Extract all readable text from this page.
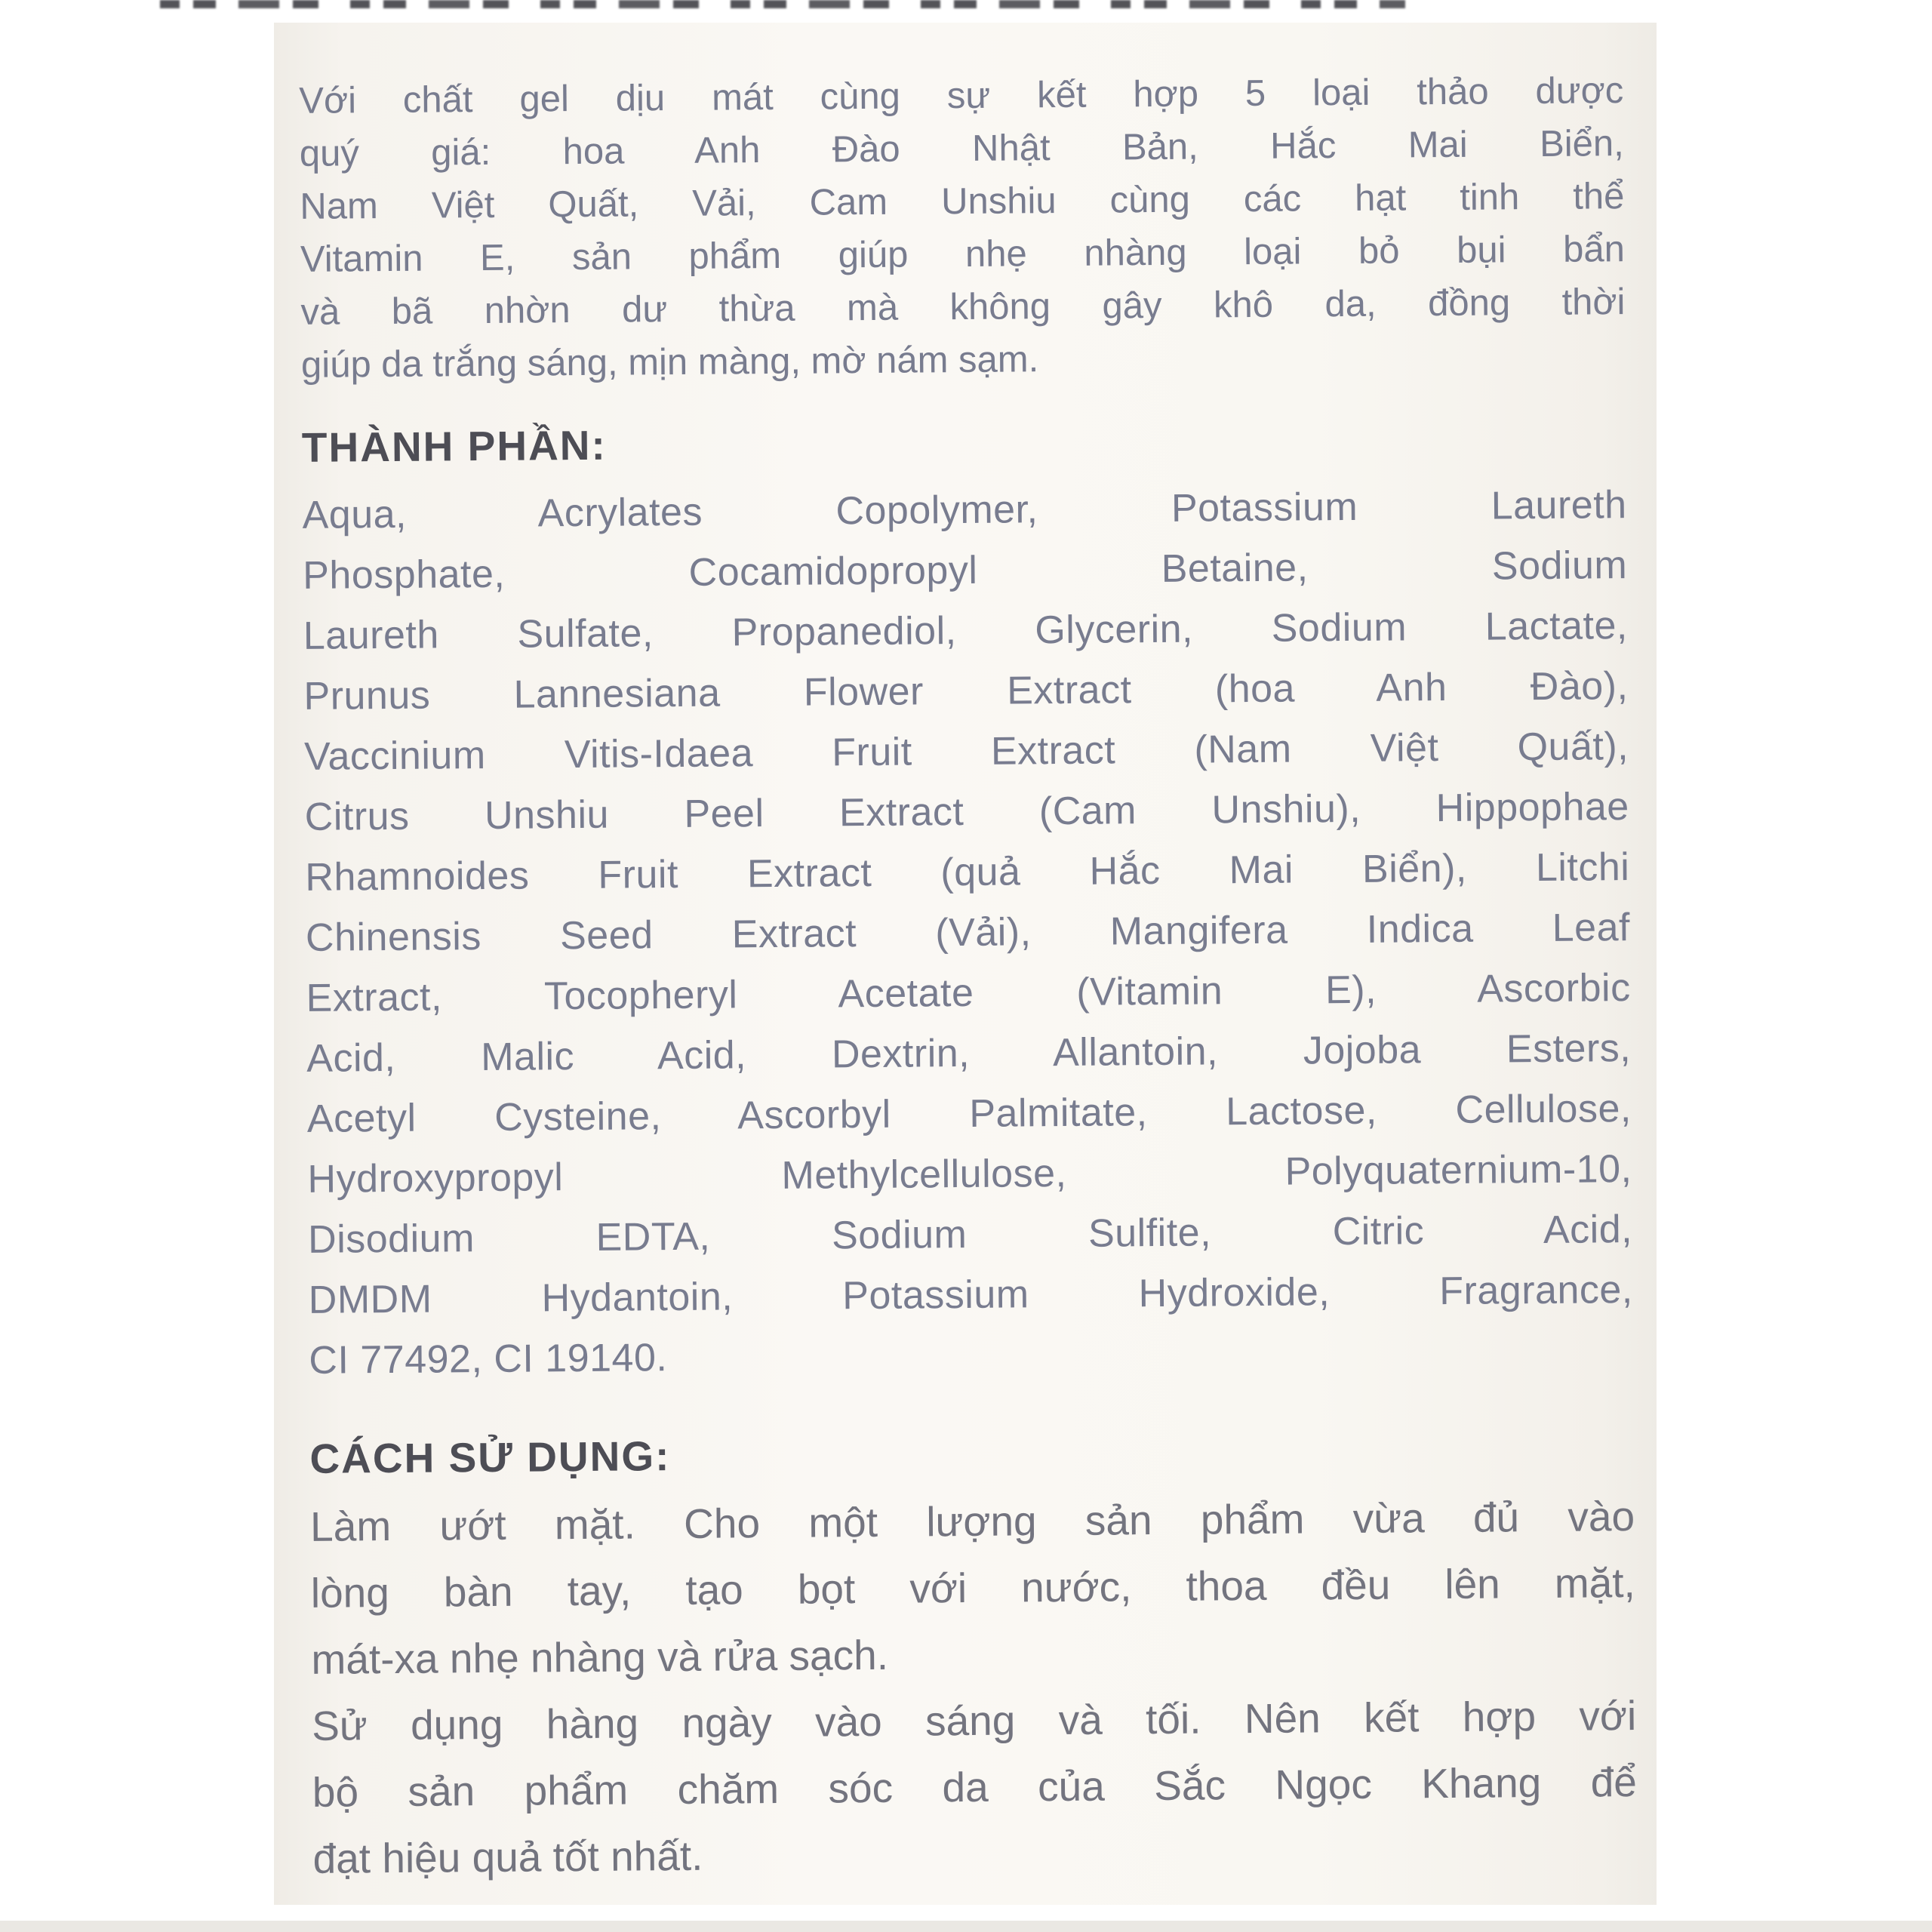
Với chất gel dịu mát cùng sự kết hợp 5 loại thảo dược
quý giá: hoa Anh Đào Nhật Bản, Hắc Mai Biển,
Nam Việt Quất, Vải, Cam Unshiu cùng các hạt tinh thể
Vitamin E, sản phẩm giúp nhẹ nhàng loại bỏ bụi bẩn
và bã nhờn dư thừa mà không gây khô da, đồng thời
giúp da trắng sáng, mịn màng, mờ nám sạm.
THÀNH PHẦN:
Aqua, Acrylates Copolymer, Potassium Laureth
Phosphate, Cocamidopropyl Betaine, Sodium
Laureth Sulfate, Propanediol, Glycerin, Sodium Lactate,
Prunus Lannesiana Flower Extract (hoa Anh Đào),
Vaccinium Vitis-Idaea Fruit Extract (Nam Việt Quất),
Citrus Unshiu Peel Extract (Cam Unshiu), Hippophae
Rhamnoides Fruit Extract (quả Hắc Mai Biển), Litchi
Chinensis Seed Extract (Vải), Mangifera Indica Leaf
Extract, Tocopheryl Acetate (Vitamin E), Ascorbic
Acid, Malic Acid, Dextrin, Allantoin, Jojoba Esters,
Acetyl Cysteine, Ascorbyl Palmitate, Lactose, Cellulose,
Hydroxypropyl Methylcellulose, Polyquaternium-10,
Disodium EDTA, Sodium Sulfite, Citric Acid,
DMDM Hydantoin, Potassium Hydroxide, Fragrance,
CI 77492, CI 19140.
CÁCH SỬ DỤNG:
Làm ướt mặt. Cho một lượng sản phẩm vừa đủ vào
lòng bàn tay, tạo bọt với nước, thoa đều lên mặt,
mát-xa nhẹ nhàng và rửa sạch.
Sử dụng hàng ngày vào sáng và tối. Nên kết hợp với
bộ sản phẩm chăm sóc da của Sắc Ngọc Khang để
đạt hiệu quả tốt nhất.
